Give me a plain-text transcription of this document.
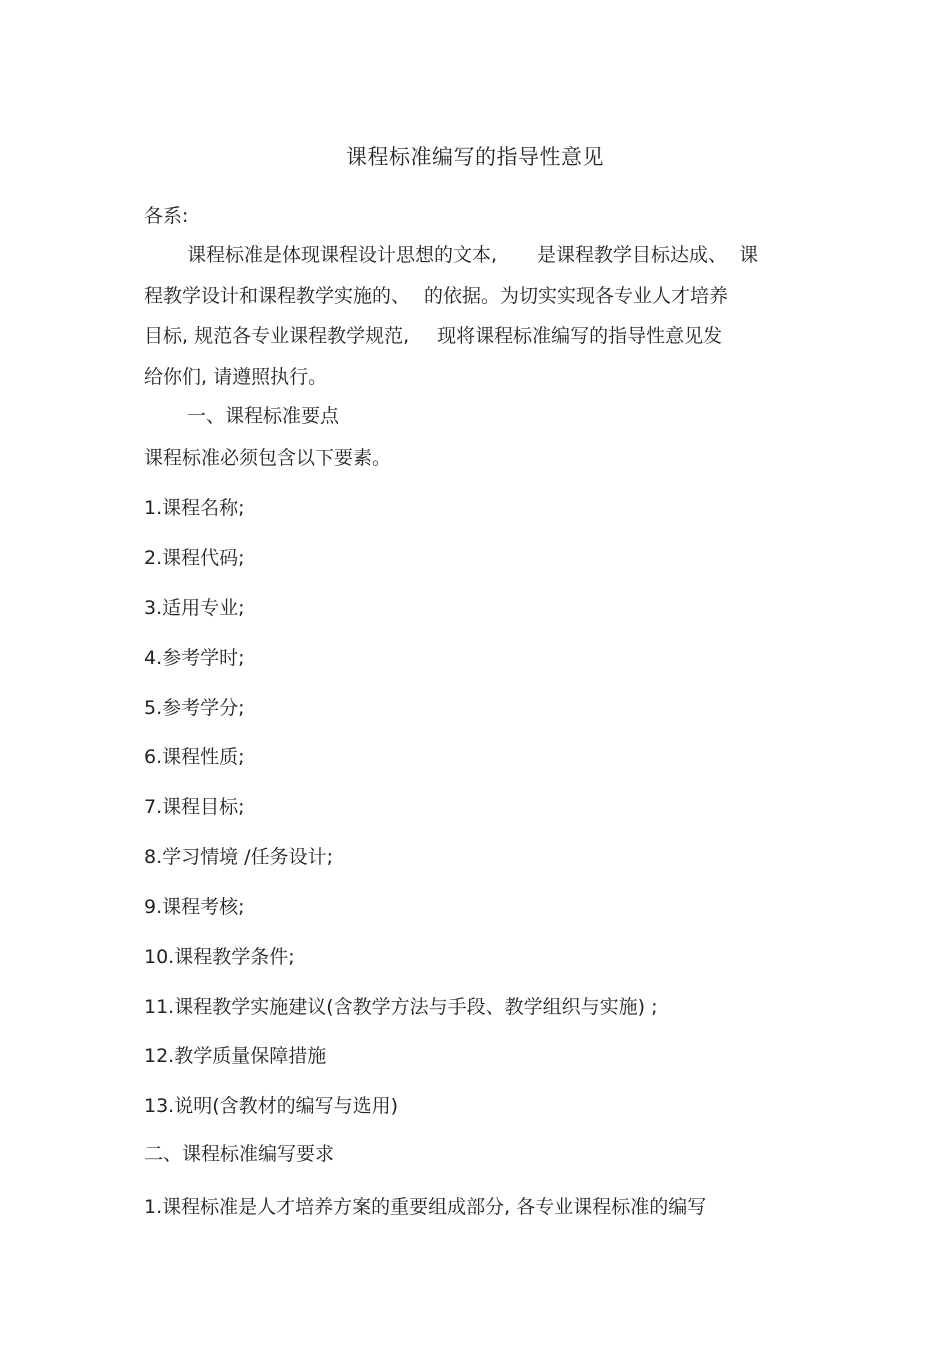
课程标准编写的指导性意见
各系:
课程标准是体现课程设计思想的文本, 是课程教学目标达成、 课
程教学设计和课程教学实施的、 的依据。为切实实现各专业人才培养
目标, 规范各专业课程教学规范, 现将课程标准编写的指导性意见发
给你们, 请遵照执行。
一、课程标准要点
课程标准必须包含以下要素。
1.课程名称;
2.课程代码;
3.适用专业;
4.参考学时;
5.参考学分;
6.课程性质;
7.课程目标;
8.学习情境 /任务设计;
9.课程考核;
10.课程教学条件;
11.课程教学实施建议(含教学方法与手段、教学组织与实施) ;
12.教学质量保障措施
13.说明(含教材的编写与选用)
二、课程标准编写要求
1.课程标准是人才培养方案的重要组成部分, 各专业课程标准的编写
